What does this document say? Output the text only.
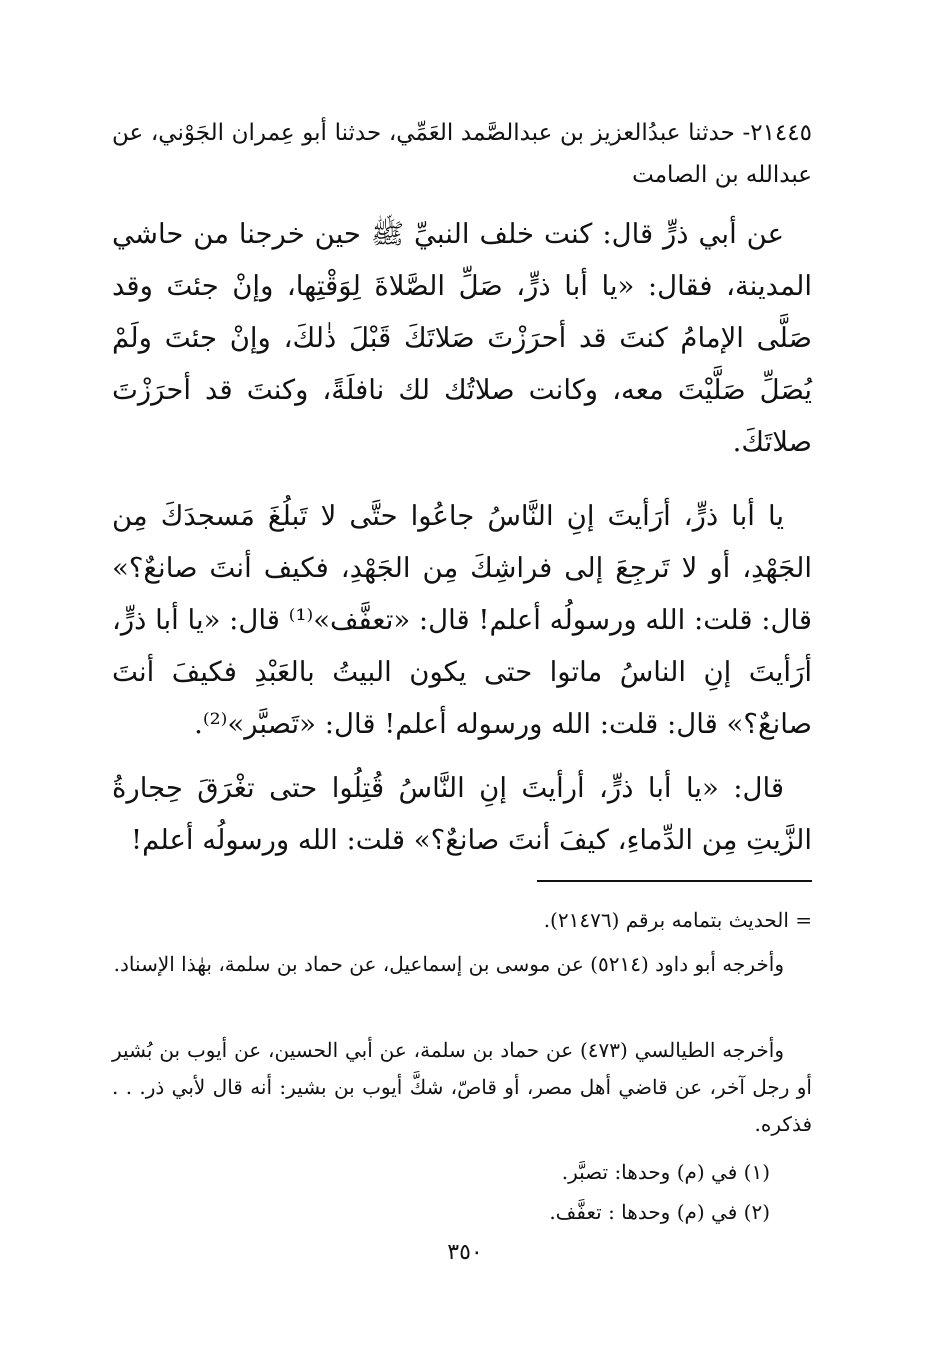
٢١٤٤٥- حدثنا عبدُالعزيز بن عبدالصَّمد العَمِّي، حدثنا أبو عِمران الجَوْني، عن عبدالله بن الصامت
عن أبي ذرٍّ قال: كنت خلف النبيِّ ﷺ حين خرجنا من حاشي المدينة، فقال: «يا أبا ذرٍّ، صَلِّ الصَّلاةَ لِوَقْتِها، وإنْ جئتَ وقد صَلَّى الإمامُ كنتَ قد أحرَزْتَ صَلاتَكَ قَبْلَ ذٰلكَ، وإنْ جئتَ ولَمْ يُصَلِّ صَلَّيْتَ معه، وكانت صلاتُك لك نافلَةً، وكنتَ قد أحرَزْتَ صلاتَكَ.
يا أبا ذرٍّ، أرَأيتَ إنِ النَّاسُ جاعُوا حتَّى لا تَبلُغَ مَسجدَكَ مِن الجَهْدِ، أو لا تَرجِعَ إلى فراشِكَ مِن الجَهْدِ، فكيف أنتَ صانعٌ؟» قال: قلت: الله ورسولُه أعلم! قال: «تعفَّف»⁽¹⁾ قال: «يا أبا ذرٍّ، أرَأيتَ إنِ الناسُ ماتوا حتى يكون البيتُ بالعَبْدِ فكيفَ أنتَ صانعٌ؟» قال: قلت: الله ورسوله أعلم! قال: «تَصبَّر»⁽²⁾.
قال: «يا أبا ذرٍّ، أرأيتَ إنِ النَّاسُ قُتِلُوا حتى تغْرَقَ حِجارةُ الزَّيتِ مِن الدِّماءِ، كيفَ أنتَ صانعٌ؟» قلت: الله ورسولُه أعلم!
= الحديث بتمامه برقم (٢١٤٧٦).
وأخرجه أبو داود (٥٢١٤) عن موسى بن إسماعيل، عن حماد بن سلمة، بهٰذا الإسناد.
وأخرجه الطيالسي (٤٧٣) عن حماد بن سلمة، عن أبي الحسين، عن أيوب بن بُشير أو رجل آخر، عن قاضي أهل مصر، أو قاصّ، شكَّ أيوب بن بشير: أنه قال لأبي ذر. . . فذكره.
(١) في (م) وحدها: تصبَّر.
(٢) في (م) وحدها : تعفَّف.
٣٥٠
